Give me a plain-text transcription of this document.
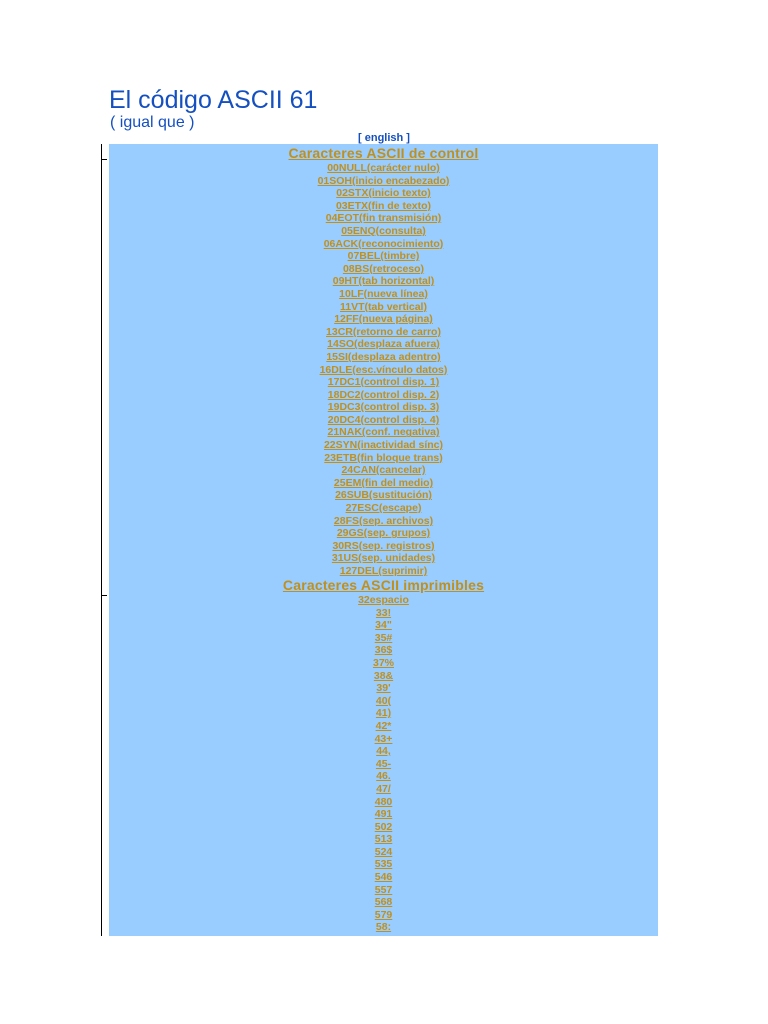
El código ASCII 61
( igual que )
[ english ]
Caracteres ASCII de control
00NULL(carácter nulo)
01SOH(inicio encabezado)
02STX(inicio texto)
03ETX(fin de texto)
04EOT(fin transmisión)
05ENQ(consulta)
06ACK(reconocimiento)
07BEL(timbre)
08BS(retroceso)
09HT(tab horizontal)
10LF(nueva línea)
11VT(tab vertical)
12FF(nueva página)
13CR(retorno de carro)
14SO(desplaza afuera)
15SI(desplaza adentro)
16DLE(esc.vínculo datos)
17DC1(control disp. 1)
18DC2(control disp. 2)
19DC3(control disp. 3)
20DC4(control disp. 4)
21NAK(conf. negativa)
22SYN(inactividad sínc)
23ETB(fin bloque trans)
24CAN(cancelar)
25EM(fin del medio)
26SUB(sustitución)
27ESC(escape)
28FS(sep. archivos)
29GS(sep. grupos)
30RS(sep. registros)
31US(sep. unidades)
127DEL(suprimir)
Caracteres ASCII imprimibles
32espacio
33!
34"
35#
36$
37%
38&
39'
40(
41)
42*
43+
44,
45-
46.
47/
480
491
502
513
524
535
546
557
568
579
58:
